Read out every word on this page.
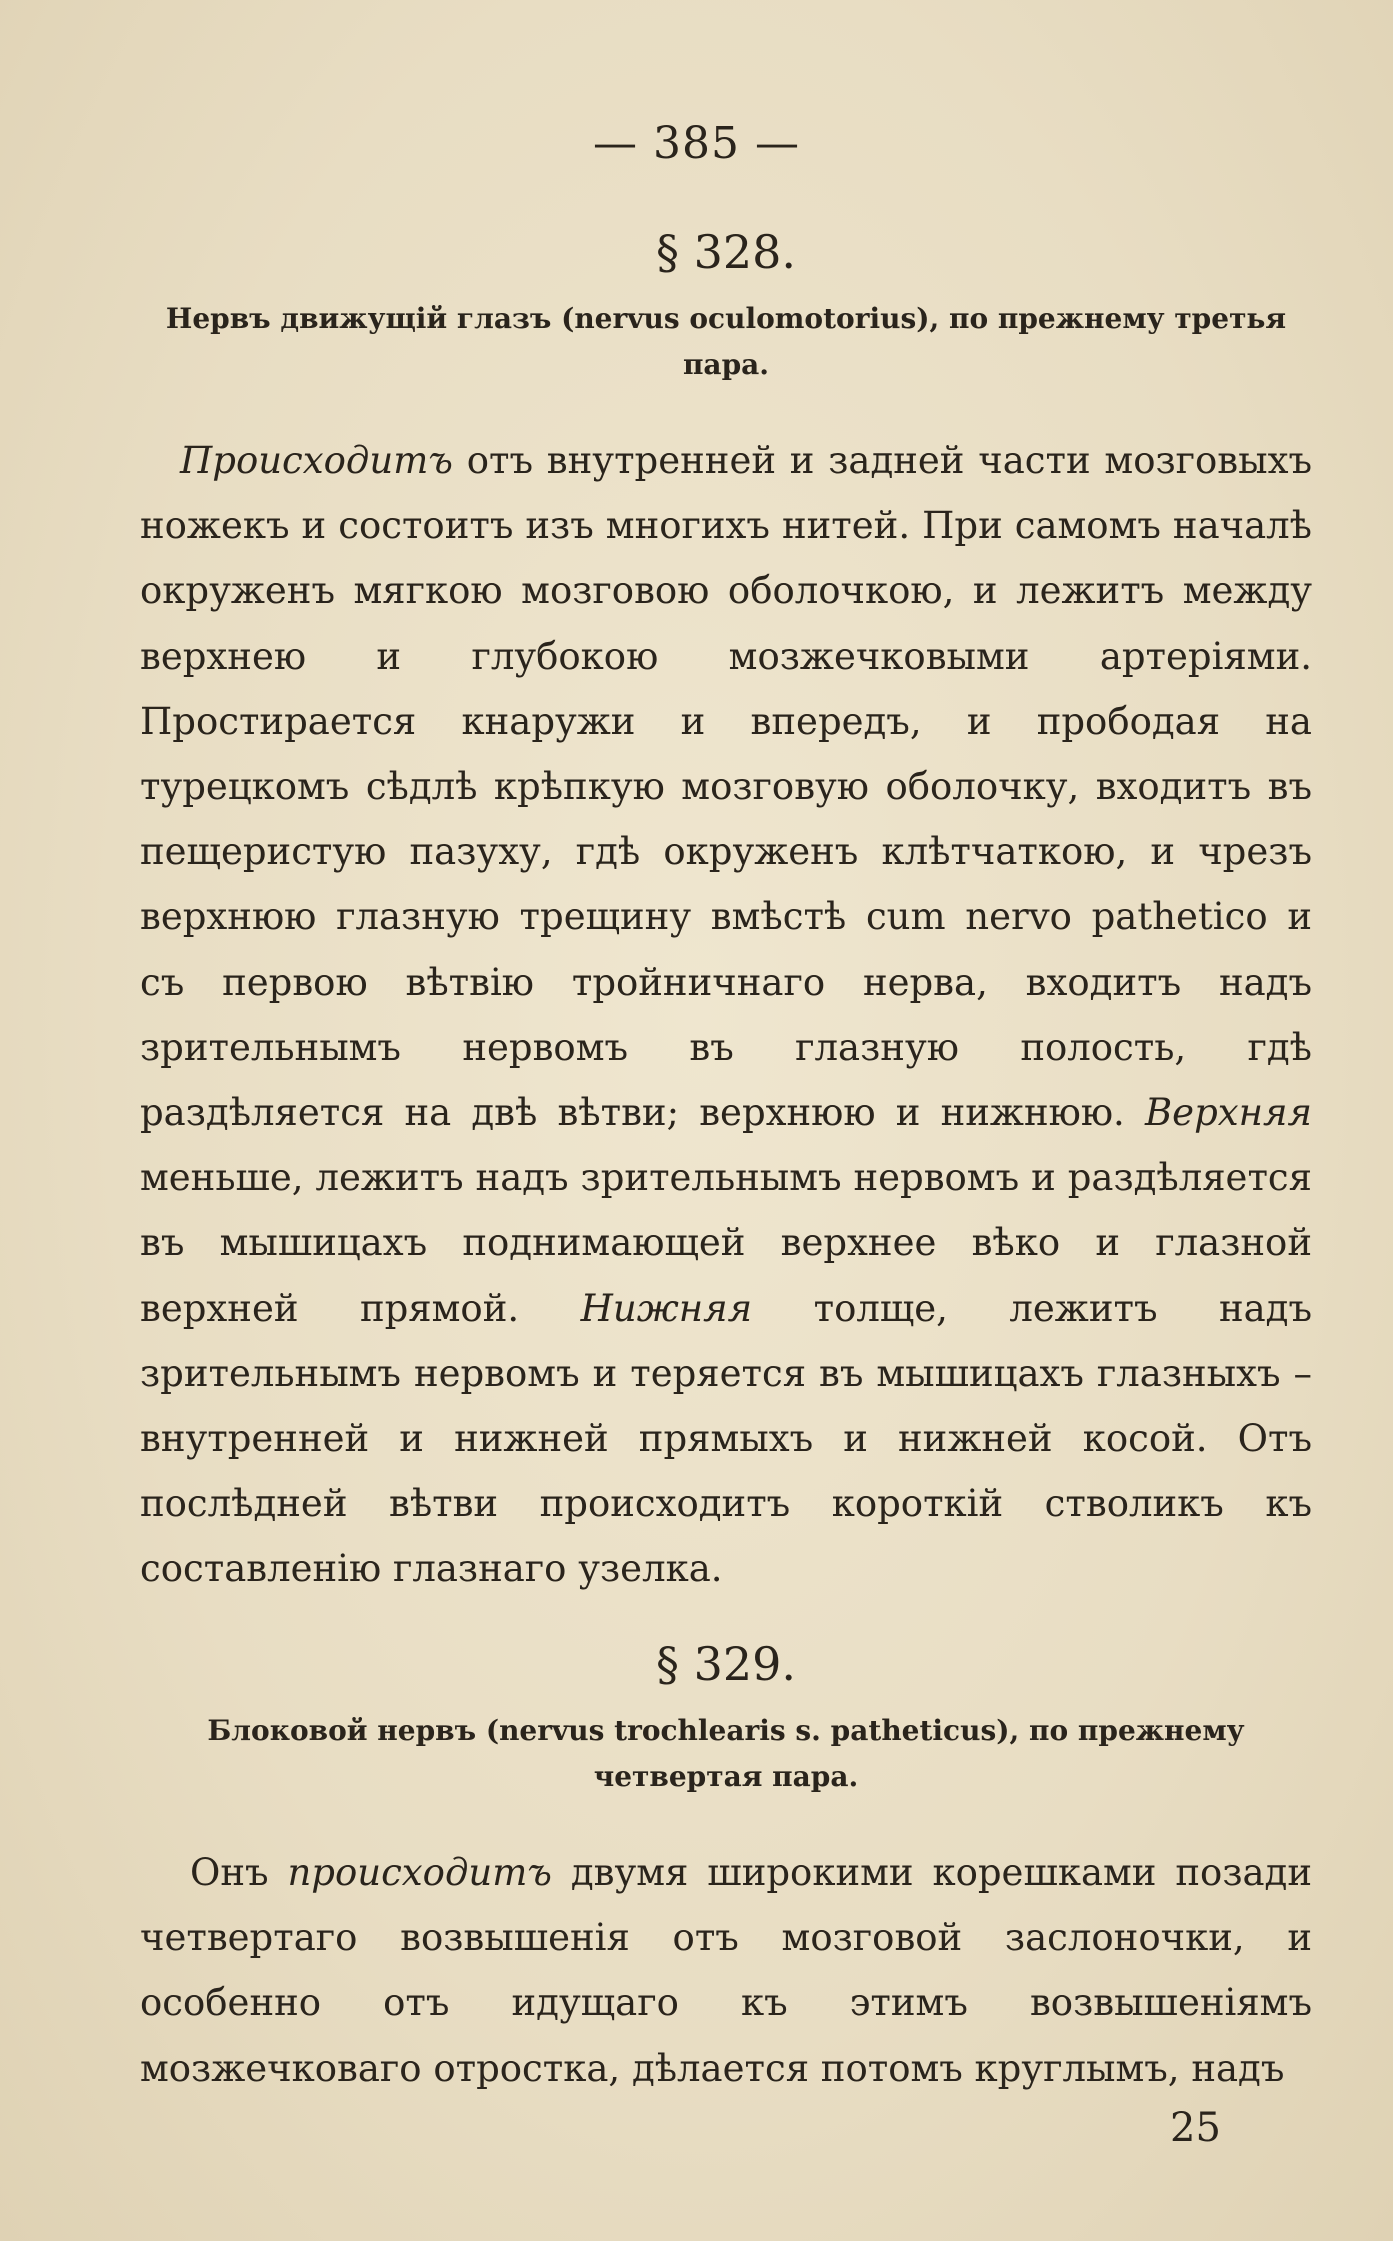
— 385 —

§ 328.

Нервъ движущій глазъ (nervus oculomotorius), по прежнему третья пара.

Происходитъ отъ внутренней и задней части мозговыхъ ножекъ и состоитъ изъ многихъ нитей. При самомъ началѣ окруженъ мягкою мозговою оболочкою, и лежитъ между верхнею и глубокою мозжечковыми артеріями. Простирается кнаружи и впередъ, и прободая на турецкомъ сѣдлѣ крѣпкую мозговую оболочку, входитъ въ пещеристую пазуху, гдѣ окруженъ клѣтчаткою, и чрезъ верхнюю глазную трещину вмѣстѣ cum nervo pathetico и съ первою вѣтвію тройничнаго нерва, входитъ надъ зрительнымъ нервомъ въ глазную полость, гдѣ раздѣляется на двѣ вѣтви; верхнюю и нижнюю. Верхняя меньше, лежитъ надъ зрительнымъ нервомъ и раздѣляется въ мышицахъ поднимающей верхнее вѣко и глазной верхней прямой. Нижняя толще, лежитъ надъ зрительнымъ нервомъ и теряется въ мышицахъ глазныхъ – внутренней и нижней прямыхъ и нижней косой. Отъ послѣдней вѣтви происходитъ короткій стволикъ къ составленію глазнаго узелка.

§ 329.

Блоковой нервъ (nervus trochlearis s. patheticus), по прежнему четвертая пара.

Онъ происходитъ двумя широкими корешками позади четвертаго возвышенія отъ мозговой заслоночки, и особенно отъ идущаго къ этимъ возвышеніямъ мозжечковаго отростка, дѣлается потомъ круглымъ, надъ

25
